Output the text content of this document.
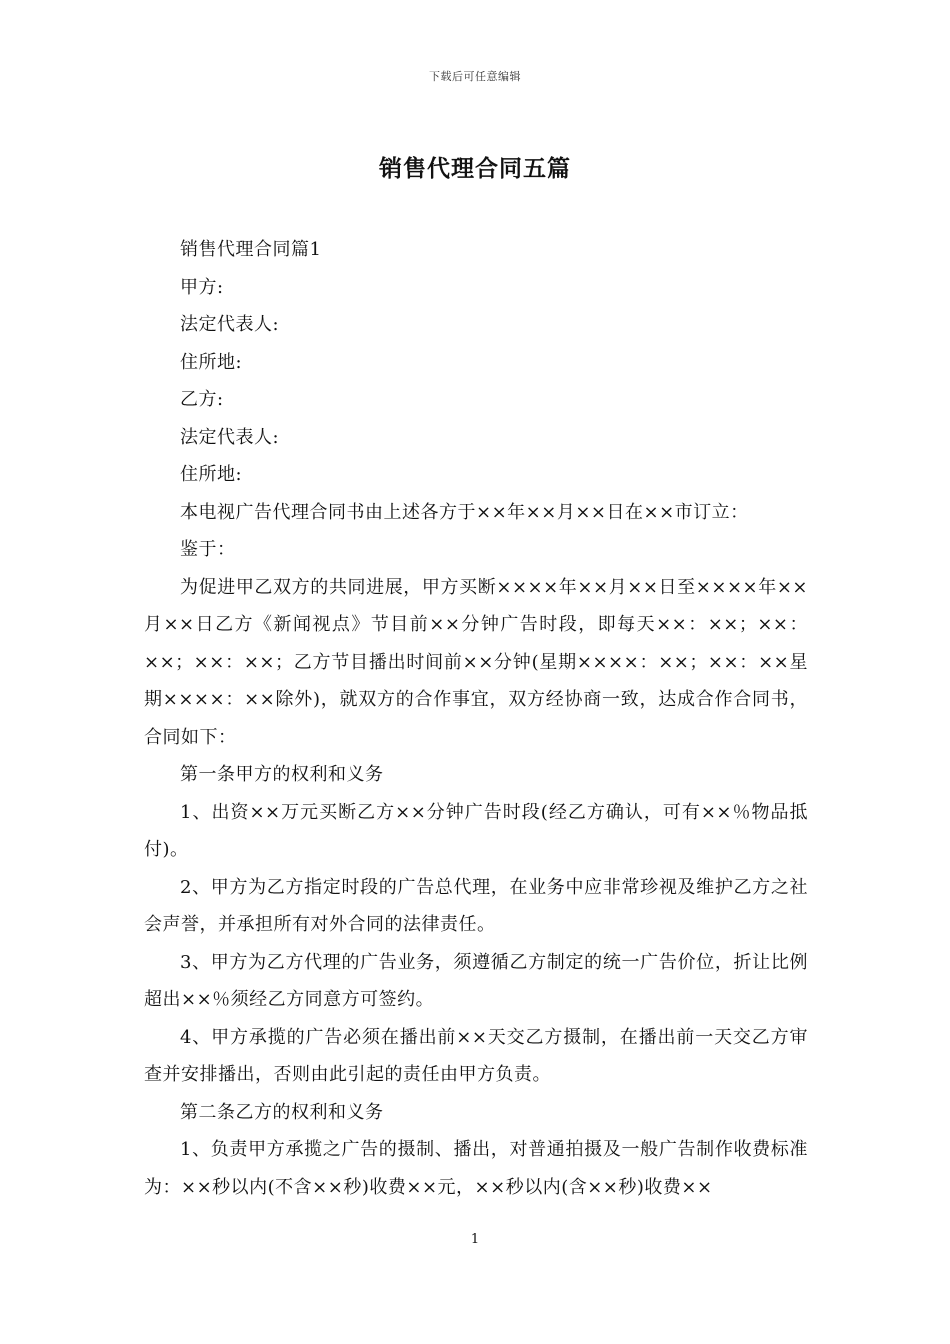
下载后可任意编辑
销售代理合同五篇

销售代理合同篇1

甲方:

法定代表人:

住所地:

乙方:

法定代表人:

住所地:

本电视广告代理合同书由上述各方于××年××月××日在××市订立：

鉴于：

为促进甲乙双方的共同进展，甲方买断××××年××月××日至××××年××月××日乙方《新闻视点》节目前××分钟广告时段，即每天××：××；××：××；××：××；乙方节目播出时间前××分钟(星期××××：××；××：××星期××××：××除外)，就双方的合作事宜，双方经协商一致，达成合作合同书，合同如下：

第一条甲方的权利和义务

1、出资××万元买断乙方××分钟广告时段(经乙方确认，可有××％物品抵付)。

2、甲方为乙方指定时段的广告总代理，在业务中应非常珍视及维护乙方之社会声誉，并承担所有对外合同的法律责任。

3、甲方为乙方代理的广告业务，须遵循乙方制定的统一广告价位，折让比例超出××％须经乙方同意方可签约。

4、甲方承揽的广告必须在播出前××天交乙方摄制，在播出前一天交乙方审查并安排播出，否则由此引起的责任由甲方负责。

第二条乙方的权利和义务

1、负责甲方承揽之广告的摄制、播出，对普通拍摄及一般广告制作收费标准为：××秒以内(不含××秒)收费××元，××秒以内(含××秒)收费××

1
